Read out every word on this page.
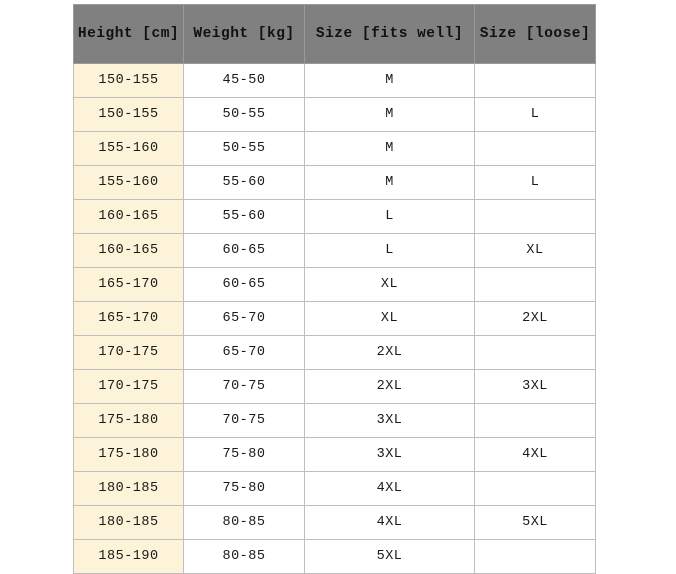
Height [cm]	Weight [kg]	Size [fits well]	Size [loose]
150-155	45-50	M	
150-155	50-55	M	L
155-160	50-55	M	
155-160	55-60	M	L
160-165	55-60	L	
160-165	60-65	L	XL
165-170	60-65	XL	
165-170	65-70	XL	2XL
170-175	65-70	2XL	
170-175	70-75	2XL	3XL
175-180	70-75	3XL	
175-180	75-80	3XL	4XL
180-185	75-80	4XL	
180-185	80-85	4XL	5XL
185-190	80-85	5XL	
